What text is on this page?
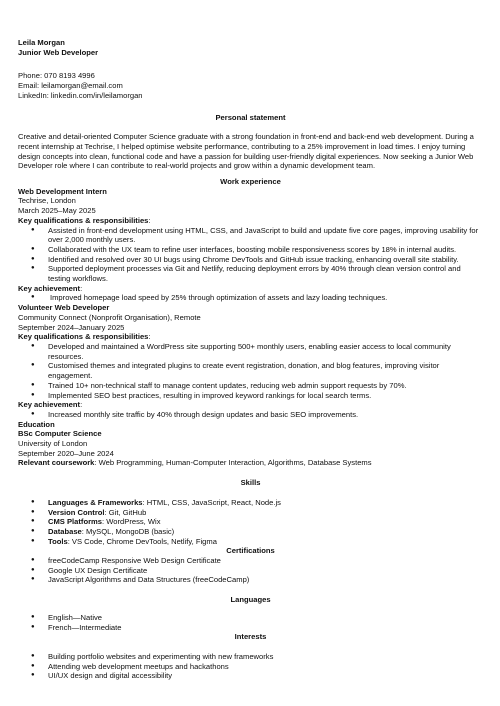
Leila Morgan
Junior Web Developer
Phone: 070 8193 4996
Email: leilamorgan@email.com
LinkedIn: linkedin.com/in/leilamorgan
Personal statement
Creative and detail-oriented Computer Science graduate with a strong foundation in front-end and back-end web development. During a recent internship at Techrise, I helped optimise website performance, contributing to a 25% improvement in load times. I enjoy turning design concepts into clean, functional code and have a passion for building user-friendly digital experiences. Now seeking a Junior Web Developer role where I can contribute to real-world projects and grow within a dynamic development team.
Work experience
Web Development Intern
Techrise, London
March 2025–May 2025
Key qualifications & responsibilities:
● Assisted in front-end development using HTML, CSS, and JavaScript to build and update five core pages, improving usability for over 2,000 monthly users.
● Collaborated with the UX team to refine user interfaces, boosting mobile responsiveness scores by 18% in internal audits.
● Identified and resolved over 30 UI bugs using Chrome DevTools and GitHub issue tracking, enhancing overall site stability.
● Supported deployment processes via Git and Netlify, reducing deployment errors by 40% through clean version control and testing workflows.
Key achievement:
● Improved homepage load speed by 25% through optimization of assets and lazy loading techniques.
Volunteer Web Developer
Community Connect (Nonprofit Organisation), Remote
September 2024–January 2025
Key qualifications & responsibilities:
● Developed and maintained a WordPress site supporting 500+ monthly users, enabling easier access to local community resources.
● Customised themes and integrated plugins to create event registration, donation, and blog features, improving visitor engagement.
● Trained 10+ non-technical staff to manage content updates, reducing web admin support requests by 70%.
● Implemented SEO best practices, resulting in improved keyword rankings for local search terms.
Key achievement:
● Increased monthly site traffic by 40% through design updates and basic SEO improvements.
Education
BSc Computer Science
University of London
September 2020–June 2024
Relevant coursework: Web Programming, Human-Computer Interaction, Algorithms, Database Systems
Skills
● Languages & Frameworks: HTML, CSS, JavaScript, React, Node.js
● Version Control: Git, GitHub
● CMS Platforms: WordPress, Wix
● Database: MySQL, MongoDB (basic)
● Tools: VS Code, Chrome DevTools, Netlify, Figma
Certifications
● freeCodeCamp Responsive Web Design Certificate
● Google UX Design Certificate
● JavaScript Algorithms and Data Structures (freeCodeCamp)
Languages
● English—Native
● French—Intermediate
Interests
● Building portfolio websites and experimenting with new frameworks
● Attending web development meetups and hackathons
● UI/UX design and digital accessibility
